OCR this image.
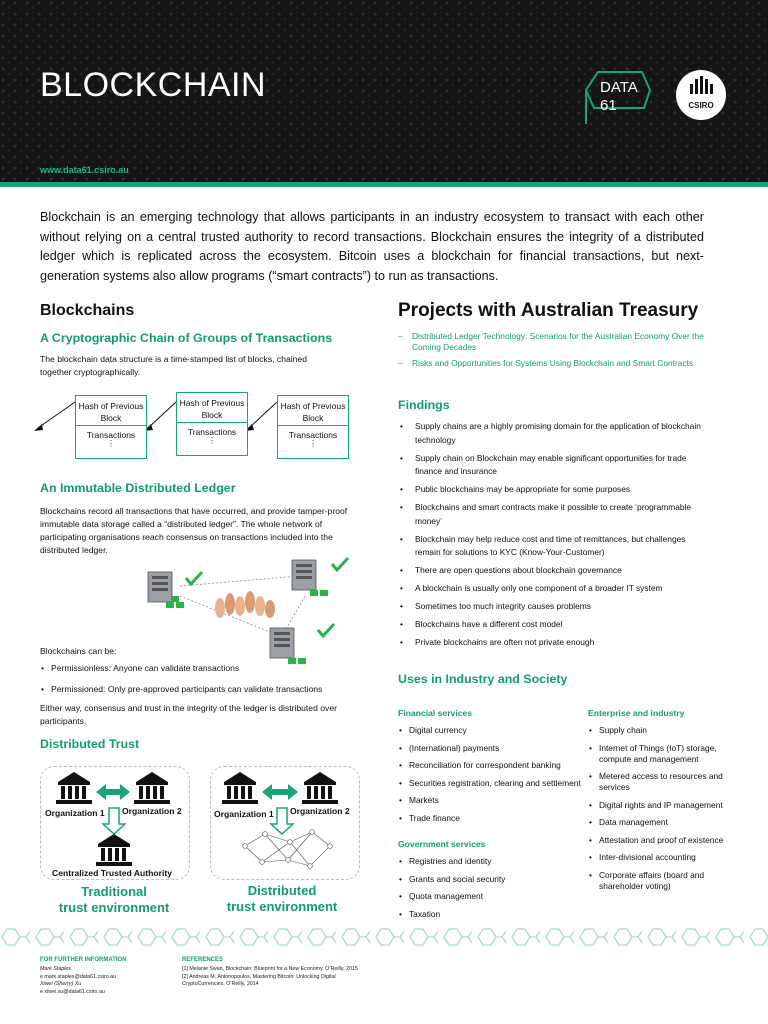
BLOCKCHAIN
www.data61.csiro.au
DATA
61	CSIRO
Blockchain is an emerging technology that allows participants in an industry ecosystem to transact with each other without relying on a central trusted authority to record transactions. Blockchain ensures the integrity of a distributed ledger which is replicated across the ecosystem. Bitcoin uses a blockchain for financial transactions, but next-generation systems also allow programs (“smart contracts”) to run as transactions.
Blockchains
A Cryptographic Chain of Groups of Transactions
The blockchain data structure is a time-stamped list of blocks, chained together cryptographically.
Hash of Previous Block
Transactions
⋮
Hash of Previous Block
Transactions
⋮
Hash of Previous Block
Transactions
⋮
An Immutable Distributed Ledger
Blockchains record all transactions that have occurred, and provide tamper-proof immutable data storage called a “distributed ledger”. The whole network of participating organisations reach consensus on transactions included into the distributed ledger.
Blockchains can be:
• Permissionless: Anyone can validate transactions
• Permissioned: Only pre-approved participants can validate transactions
Either way, consensus and trust in the integrity of the ledger is distributed over participants.
Distributed Trust
Organization 1 Organization 2
Centralized Trusted Authority
Organization 1 Organization 2
Traditional
trust environment
Distributed
trust environment
Projects with Australian Treasury
– Distributed Ledger Technology: Scenarios for the Australian Economy Over the Coming Decades
– Risks and Opportunities for Systems Using Blockchain and Smart Contracts
Findings
• Supply chains are a highly promising domain for the application of blockchain technology
• Supply chain on Blockchain may enable significant opportunities for trade finance and insurance
• Public blockchains may be appropriate for some purposes
• Blockchains and smart contracts make it possible to create ‘programmable money’
• Blockchain may help reduce cost and time of remittances, but challenges remain for solutions to KYC (Know-Your-Customer)
• There are open questions about blockchain governance
• A blockchain is usually only one component of a broader IT system
• Sometimes too much integrity causes problems
• Blockchains have a different cost model
• Private blockchains are often not private enough
Uses in Industry and Society
Financial services
• Digital currency
• (International) payments
• Reconciliation for correspondent banking
• Securities registration, clearing and settlement
• Markets
• Trade finance
Government services
• Registries and identity
• Grants and social security
• Quota management
• Taxation
Enterprise and industry
• Supply chain
• Internet of Things (IoT) storage, compute and management
• Metered access to resources and services
• Digital rights and IP management
• Data management
• Attestation and proof of existence
• Inter-divisional accounting
• Corporate affairs (board and shareholder voting)
FOR FURTHER INFORMATION
Mark Staples
e mark.staples@data61.csiro.au
Xiwei (Sherry) Xu
e xiwei.xu@data61.csiro.au
REFERENCES
[1] Melanie Swan, Blockchain: Blueprint for a New Economy, O’Reilly, 2015
[2] Andreas M. Antonopoulos, Mastering Bitcoin: Unlocking Digital CryptoCurrencies, O’Reilly, 2014
